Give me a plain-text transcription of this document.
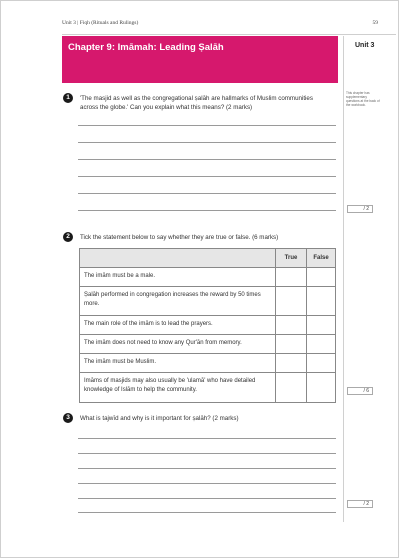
Unit 3 | Fiqh (Rituals and Rulings)	59
Chapter 9: Imāmah: Leading Ṣalāh	Unit 3
This chapter has supplementary questions at the back of the workbook.
1	'The masjid as well as the congregational ṣalāh are hallmarks of Muslim communities across the globe.' Can you explain what this means? (2 marks)
/ 2
2	Tick the statement below to say whether they are true or false. (6 marks)
	True	False
The imām must be a male.		
Ṣalāh performed in congregation increases the reward by 50 times more.		
The main role of the imām is to lead the prayers.		
The imām does not need to know any Qur'ān from memory.		
The imām must be Muslim.		
Imāms of masjids may also usually be 'ulamā' who have detailed knowledge of Islām to help the community.			/ 6
3	What is tajwīd and why is it important for ṣalāh? (2 marks)
/ 2
